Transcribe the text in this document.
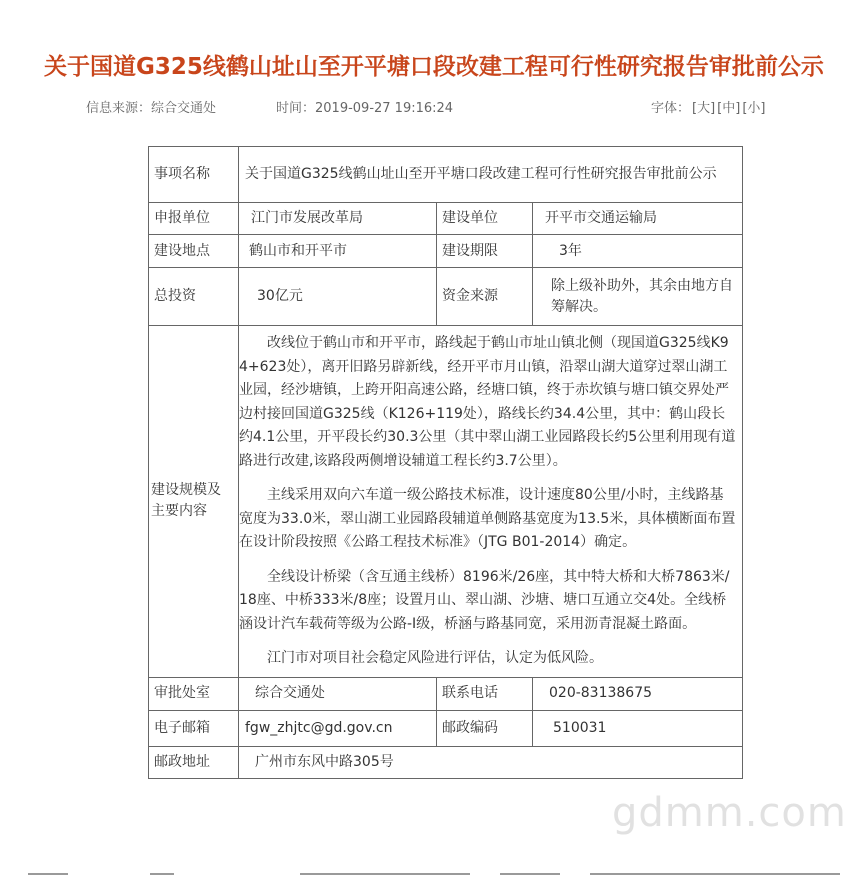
关于国道G325线鹤山址山至开平塘口段改建工程可行性研究报告审批前公示
信息来源：综合交通处	时间：2019-09-27 19:16:24	字体： [大] [中] [小]
事项名称	关于国道G325线鹤山址山至开平塘口段改建工程可行性研究报告审批前公示		
申报单位	江门市发展改革局	建设单位	开平市交通运输局
建设地点	鹤山市和开平市	建设期限	3年
总投资	30亿元	资金来源	除上级补助外，其余由地方自筹解决。
建设规模及主要内容	改线位于鹤山市和开平市，路线起于鹤山市址山镇北侧（现国道G325线K94+623处），离开旧路另辟新线，经开平市月山镇，沿翠山湖大道穿过翠山湖工业园，经沙塘镇，上跨开阳高速公路，经塘口镇，终于赤坎镇与塘口镇交界处严边村接回国道G325线（K126+119处），路线长约34.4公里，其中：鹤山段长约4.1公里，开平段长约30.3公里（其中翠山湖工业园路段长约5公里利用现有道路进行改建,该路段两侧增设辅道工程长约3.7公里）。

主线采用双向六车道一级公路技术标准，设计速度80公里/小时，主线路基宽度为33.0米，翠山湖工业园路段辅道单侧路基宽度为13.5米，具体横断面布置在设计阶段按照《公路工程技术标准》（JTG B01-2014）确定。

全线设计桥梁（含互通主线桥）8196米/26座，其中特大桥和大桥7863米/18座、中桥333米/8座；设置月山、翠山湖、沙塘、塘口互通立交4处。全线桥涵设计汽车载荷等级为公路-I级，桥涵与路基同宽，采用沥青混凝土路面。

江门市对项目社会稳定风险进行评估，认定为低风险。		

审批处室	综合交通处	联系电话	020-83138675
电子邮箱	fgw_zhjtc@gd.gov.cn	邮政编码	510031
邮政地址	广州市东风中路305号		
gdmm.com
